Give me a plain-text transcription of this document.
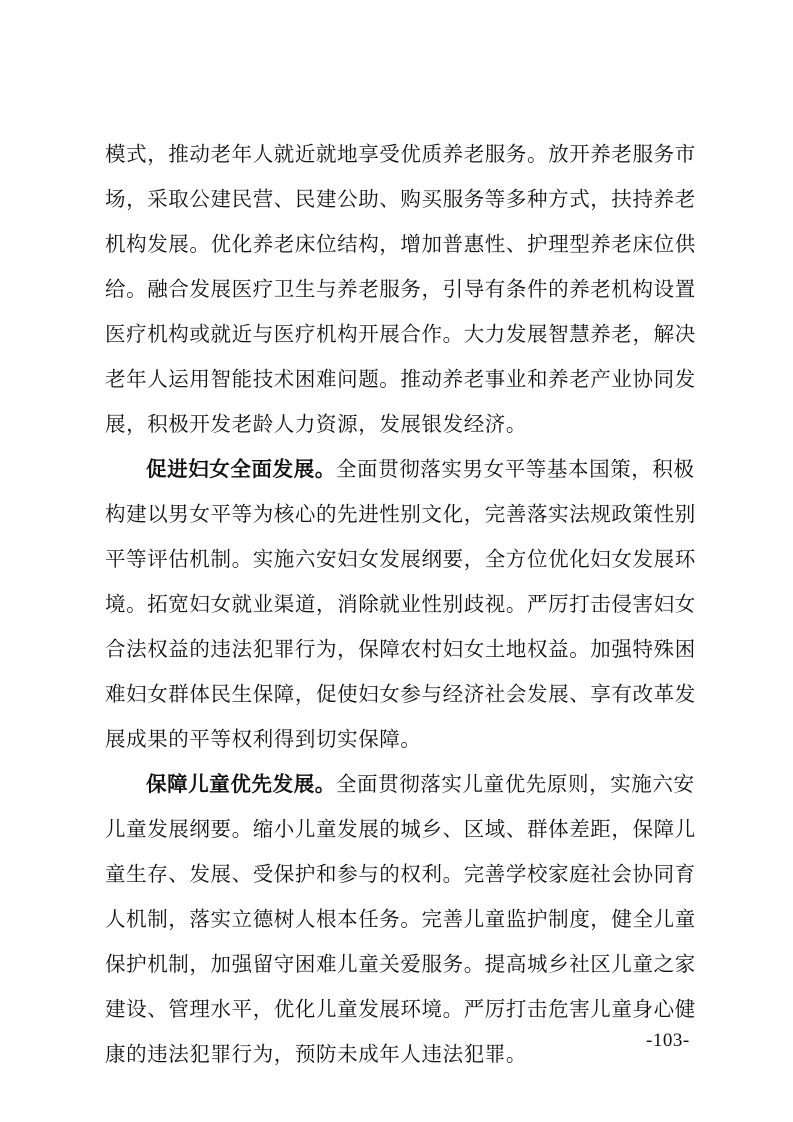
模式，推动老年人就近就地享受优质养老服务。放开养老服务市
场，采取公建民营、民建公助、购买服务等多种方式，扶持养老
机构发展。优化养老床位结构，增加普惠性、护理型养老床位供
给。融合发展医疗卫生与养老服务，引导有条件的养老机构设置
医疗机构或就近与医疗机构开展合作。大力发展智慧养老，解决
老年人运用智能技术困难问题。推动养老事业和养老产业协同发
展，积极开发老龄人力资源，发展银发经济。
促进妇女全面发展。全面贯彻落实男女平等基本国策，积极
构建以男女平等为核心的先进性别文化，完善落实法规政策性别
平等评估机制。实施六安妇女发展纲要，全方位优化妇女发展环
境。拓宽妇女就业渠道，消除就业性别歧视。严厉打击侵害妇女
合法权益的违法犯罪行为，保障农村妇女土地权益。加强特殊困
难妇女群体民生保障，促使妇女参与经济社会发展、享有改革发
展成果的平等权利得到切实保障。
保障儿童优先发展。全面贯彻落实儿童优先原则，实施六安
儿童发展纲要。缩小儿童发展的城乡、区域、群体差距，保障儿
童生存、发展、受保护和参与的权利。完善学校家庭社会协同育
人机制，落实立德树人根本任务。完善儿童监护制度，健全儿童
保护机制，加强留守困难儿童关爱服务。提高城乡社区儿童之家
建设、管理水平，优化儿童发展环境。严厉打击危害儿童身心健
康的违法犯罪行为，预防未成年人违法犯罪。
-103-
